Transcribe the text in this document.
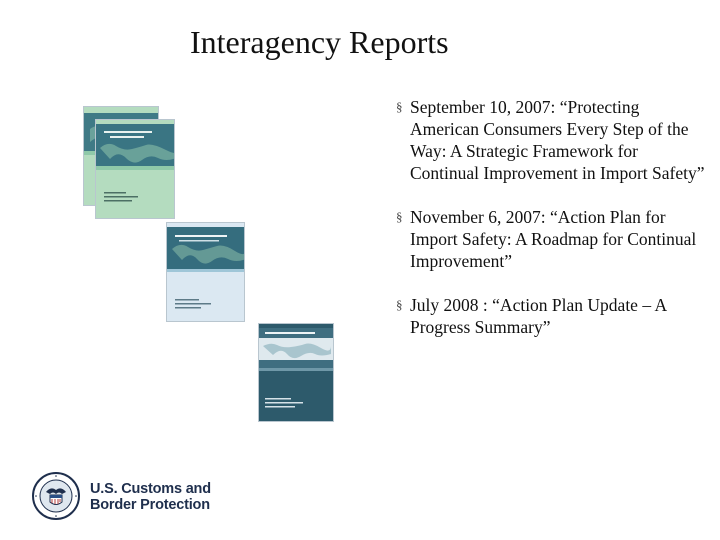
Interagency Reports
§ September 10, 2007: “Protecting American Consumers Every Step of the Way: A Strategic Framework for Continual Improvement in Import Safety”
§ November 6, 2007: “Action Plan for Import Safety: A Roadmap for Continual Improvement”
§ July 2008 : “Action Plan Update – A Progress Summary”
U.S. Customs and
Border Protection
